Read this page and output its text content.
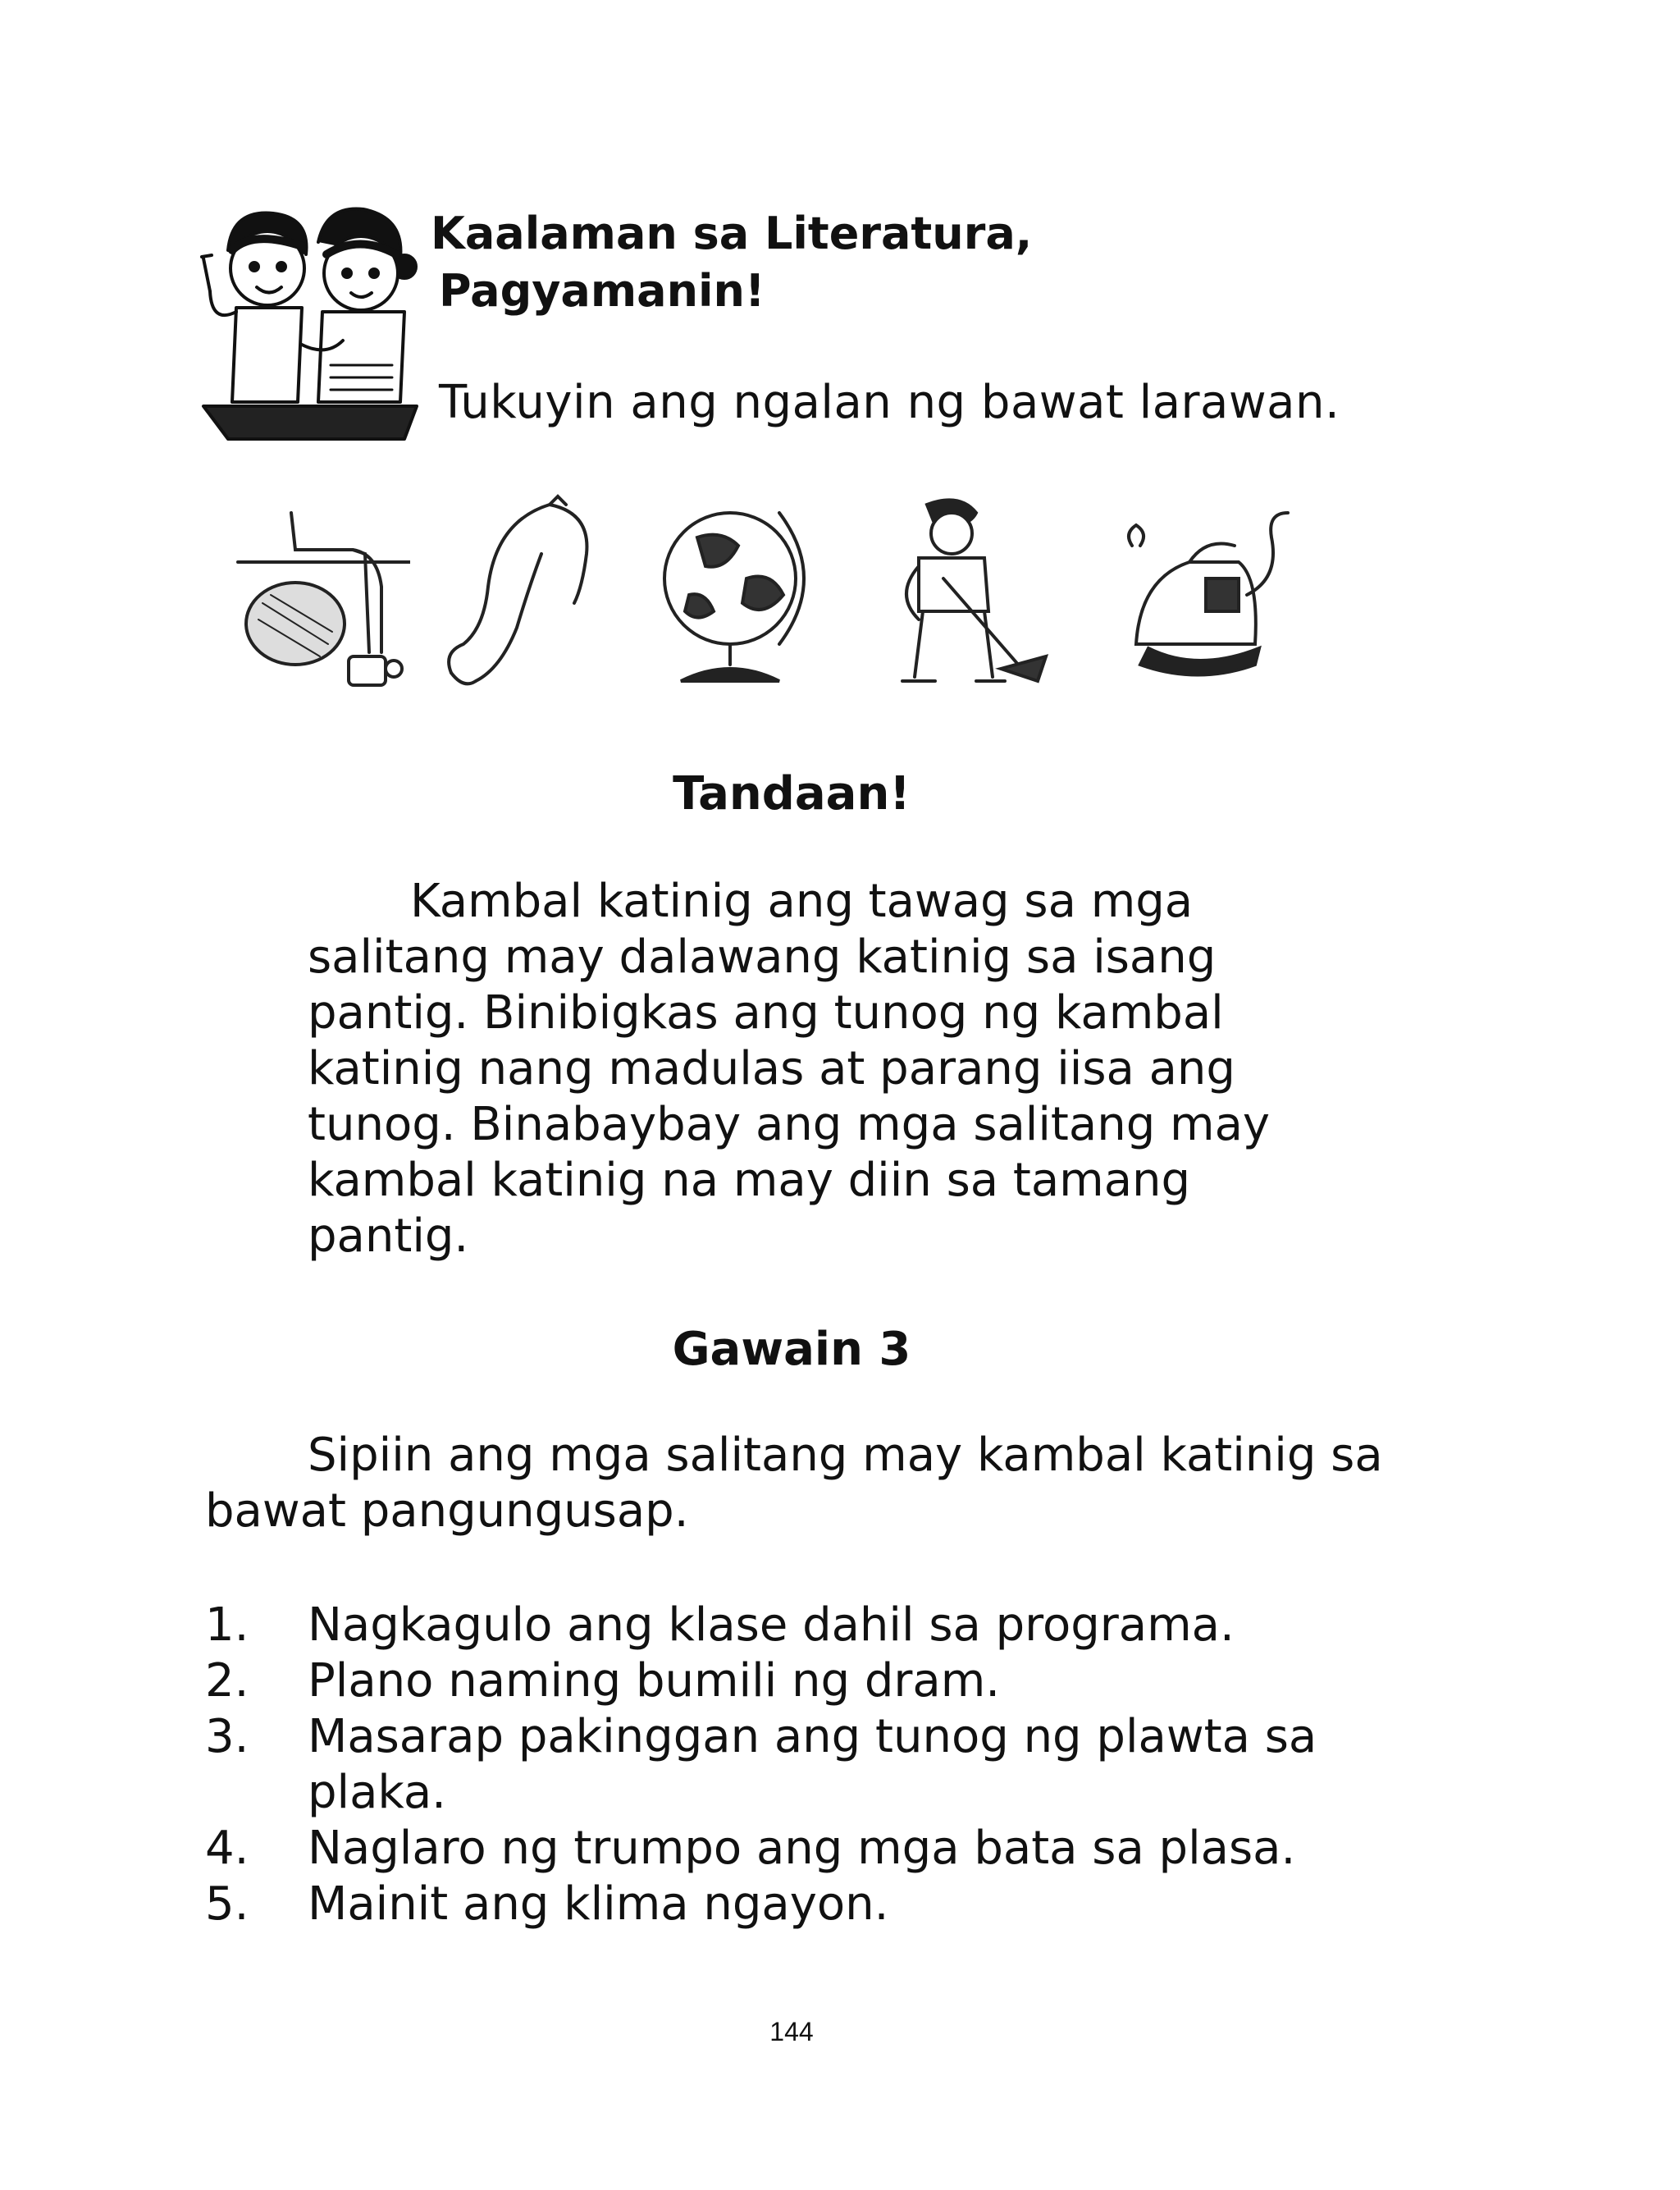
Kaalaman sa Literatura,
Pagyamanin!

Tukuyin ang ngalan ng bawat larawan.

Tandaan!

Kambal katinig ang tawag sa mga
salitang may dalawang katinig sa isang
pantig. Binibigkas ang tunog ng kambal
katinig nang madulas at parang iisa ang
tunog. Binabaybay ang mga salitang may
kambal katinig na may diin sa tamang
pantig.

Gawain 3

Sipiin ang mga salitang may kambal katinig sa
bawat pangungusap.

1. Nagkagulo ang klase dahil sa programa.
2. Plano naming bumili ng dram.
3. Masarap pakinggan ang tunog ng plawta sa
plaka.
4. Naglaro ng trumpo ang mga bata sa plasa.
5. Mainit ang klima ngayon.
144
